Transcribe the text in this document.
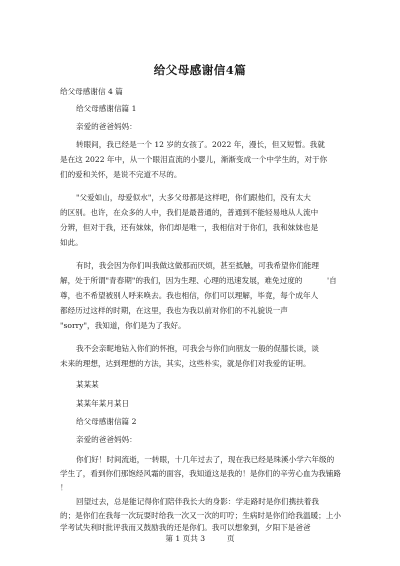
给父母感谢信4篇
给父母感谢信 4 篇
给父母感谢信篇 1
亲爱的爸爸妈妈：
转眼间，我已经是一个 12 岁的女孩了。2022 年，漫长，但又短暂。我就
是在这 2022 年中，从一个眼泪直流的小婴儿，渐渐变成一个中学生的，对于你
们的爱和关怀，是说不完道不尽的。
"父爱如山，母爱似水"，大多父母都是这样吧，你们跟他们，没有太大
的区别。也许，在众多的人中，我们是最普通的，普通到不能轻易地从人流中
分辨，但对于我，还有妹妹，你们却是唯一，我相信对于你们，我和妹妹也是
如此。
有时，我会因为你们叫我做这做那而厌烦，甚至抵触，可我希望你们能理
解，处于所谓"青春期"的我们，因为生理、心理的迅速发展，难免过度的	'自
尊，也不希望被别人呼来唤去。我也相信，你们可以理解，毕竟，每个成年人
都经历过这样的时期，在这里，我也为我以前对你们的不礼貌说一声
"sorry"，我知道，你们是为了我好。
我不会亲昵地钻入你们的怀抱，可我会与你们向朋友一般的促膝长谈，谈
未来的理想，达到理想的方法，其实，这些朴实，就是你们对我爱的证明。
某某某
某某年某月某日
给父母感谢信篇 2
亲爱的爸爸妈妈：
你们好！时间流逝，一转眼，十几年过去了，现在我已经是珠溪小学六年级的
学生了，看到你们那饱经风霜的面容，我知道这是我的！是你们的辛劳心血为我铺路
！
回望过去，总是能记得你们陪伴我长大的身影：学走路时是你们携扶着我
的；是你们在我每一次玩耍时给我一次又一次的叮咛；生病时是你们给我温暖；上小
学考试失利时批评我而又鼓励我的还是你们。我可以想象到，夕阳下是爸爸
第 1 页共 3	页
